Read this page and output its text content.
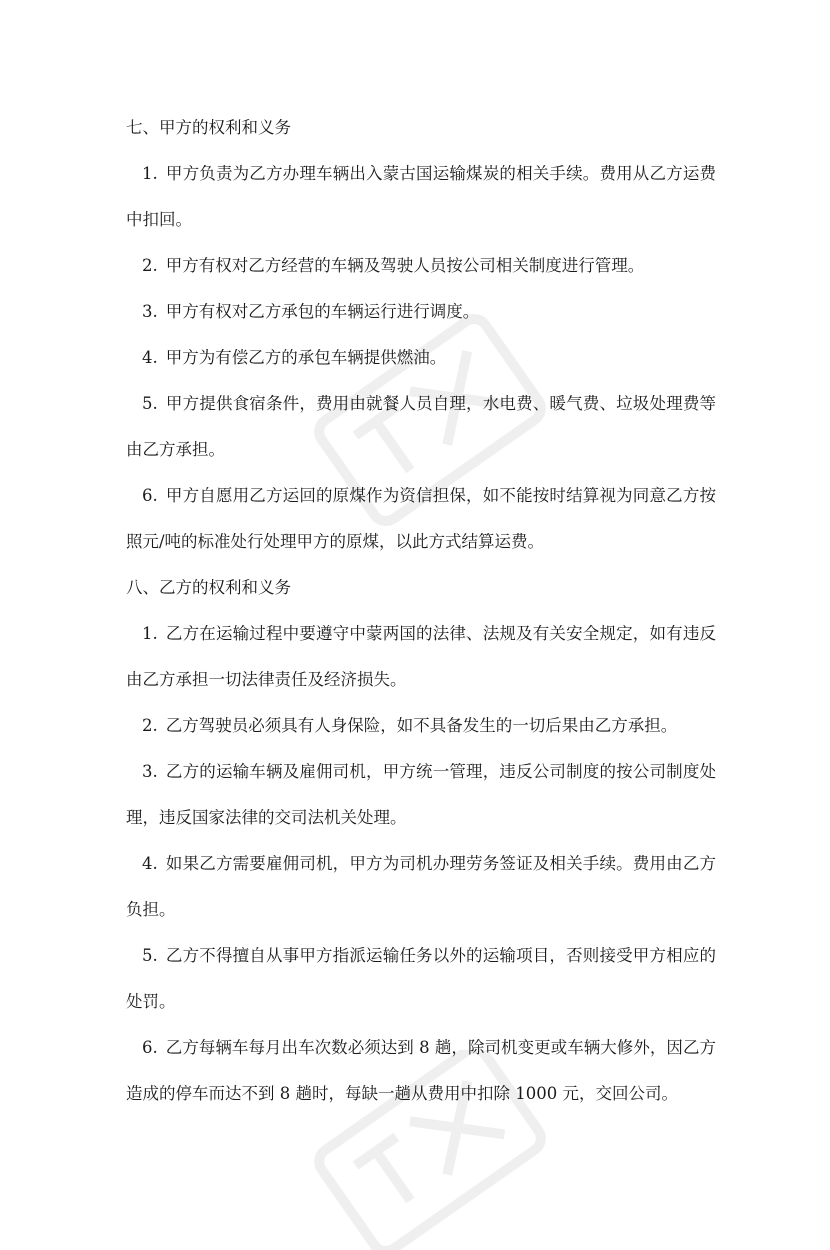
七、甲方的权利和义务

1. 甲方负责为乙方办理车辆出入蒙古国运输煤炭的相关手续。费用从乙方运费中扣回。

2. 甲方有权对乙方经营的车辆及驾驶人员按公司相关制度进行管理。

3. 甲方有权对乙方承包的车辆运行进行调度。

4. 甲方为有偿乙方的承包车辆提供燃油。

5. 甲方提供食宿条件，费用由就餐人员自理，水电费、暖气费、垃圾处理费等由乙方承担。

6. 甲方自愿用乙方运回的原煤作为资信担保，如不能按时结算视为同意乙方按照元/吨的标准处行处理甲方的原煤，以此方式结算运费。

八、乙方的权利和义务

1. 乙方在运输过程中要遵守中蒙两国的法律、法规及有关安全规定，如有违反由乙方承担一切法律责任及经济损失。

2. 乙方驾驶员必须具有人身保险，如不具备发生的一切后果由乙方承担。

3. 乙方的运输车辆及雇佣司机，甲方统一管理，违反公司制度的按公司制度处理，违反国家法律的交司法机关处理。

4. 如果乙方需要雇佣司机，甲方为司机办理劳务签证及相关手续。费用由乙方负担。

5. 乙方不得擅自从事甲方指派运输任务以外的运输项目，否则接受甲方相应的处罚。

6. 乙方每辆车每月出车次数必须达到 8 趟，除司机变更或车辆大修外，因乙方造成的停车而达不到 8 趟时，每缺一趟从费用中扣除 1000 元，交回公司。
